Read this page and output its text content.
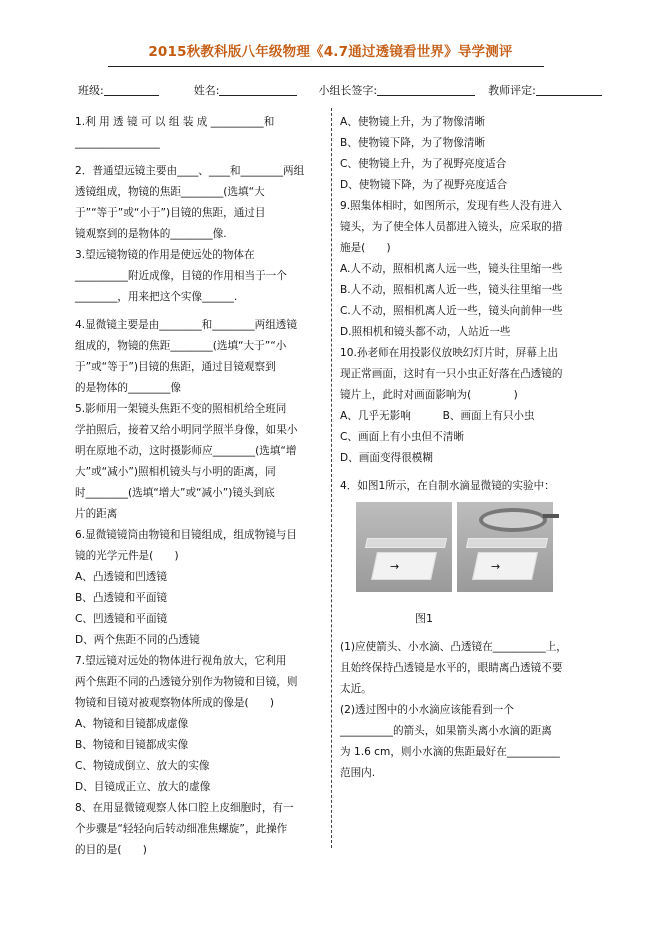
2015秋教科版八年级物理《4.7通过透镜看世界》导学测评
班级:	姓名:	小组长签字:	教师评定:

1.利 用 透 镜 可 以 组 装 成 __________和

________________

2．普通望远镜主要由____、____和________两组

透镜组成，物镜的焦距________(选填“大

于”“等于”或“小于”)目镜的焦距，通过目

镜观察到的是物体的________像.

3.望远镜物镜的作用是使远处的物体在

__________附近成像，目镜的作用相当于一个

________，用来把这个实像______.

4.显微镜主要是由________和________两组透镜

组成的，物镜的焦距________(选填“大于”“小

于”或“等于”)目镜的焦距，通过目镜观察到

的是物体的________像

5.影师用一架镜头焦距不变的照相机给全班同

学拍照后，接着又给小明同学照半身像，如果小

明在原地不动，这时摄影师应________(选填“增

大”或“减小”)照相机镜头与小明的距离，同

时________(选填“增大”或“减小”)镜头到底

片的距离

6.显微镜镜筒由物镜和目镜组成，组成物镜与目

镜的光学元件是(　　)

A、凸透镜和凹透镜

B、凸透镜和平面镜

C、凹透镜和平面镜

D、两个焦距不同的凸透镜

7.望远镜对远处的物体进行视角放大，它利用

两个焦距不同的凸透镜分别作为物镜和目镜，则

物镜和目镜对被观察物体所成的像是(　　)

A、物镜和目镜都成虚像

B、物镜和目镜都成实像

C、物镜成倒立、放大的实像

D、目镜成正立、放大的虚像

8、在用显微镜观察人体口腔上皮细胞时，有一

个步骤是“轻轻向后转动细准焦螺旋”，此操作

的目的是(　　)

A、使物镜上升，为了物像清晰

B、使物镜下降，为了物像清晰

C、使物镜上升，为了视野亮度适合

D、使物镜下降，为了视野亮度适合

9.照集体相时，如图所示，发现有些人没有进入

镜头，为了使全体人员都进入镜头，应采取的措

施是(　　)

A.人不动，照相机离人远一些，镜头往里缩一些

B.人不动，照相机离人近一些，镜头往里缩一些

C.人不动，照相机离人近一些，镜头向前伸一些

D.照相机和镜头都不动，人站近一些

10.孙老师在用投影仪放映幻灯片时，屏幕上出

现正常画面，这时有一只小虫正好落在凸透镜的

镜片上，此时对画面影响为(　　　　)

A、几乎无影响　　　B、画面上有只小虫

C、画面上有小虫但不清晰

D、画面变得很模糊

4．如图1所示，在自制水滴显微镜的实验中：
→	→
图1
(1)应使箭头、小水滴、凸透镜在__________上，
且始终保持凸透镜是水平的，眼睛离凸透镜不要
太近。
(2)透过图中的小水滴应该能看到一个
__________的箭头，如果箭头离小水滴的距离
为 1.6 cm，则小水滴的焦距最好在__________
范围内.
